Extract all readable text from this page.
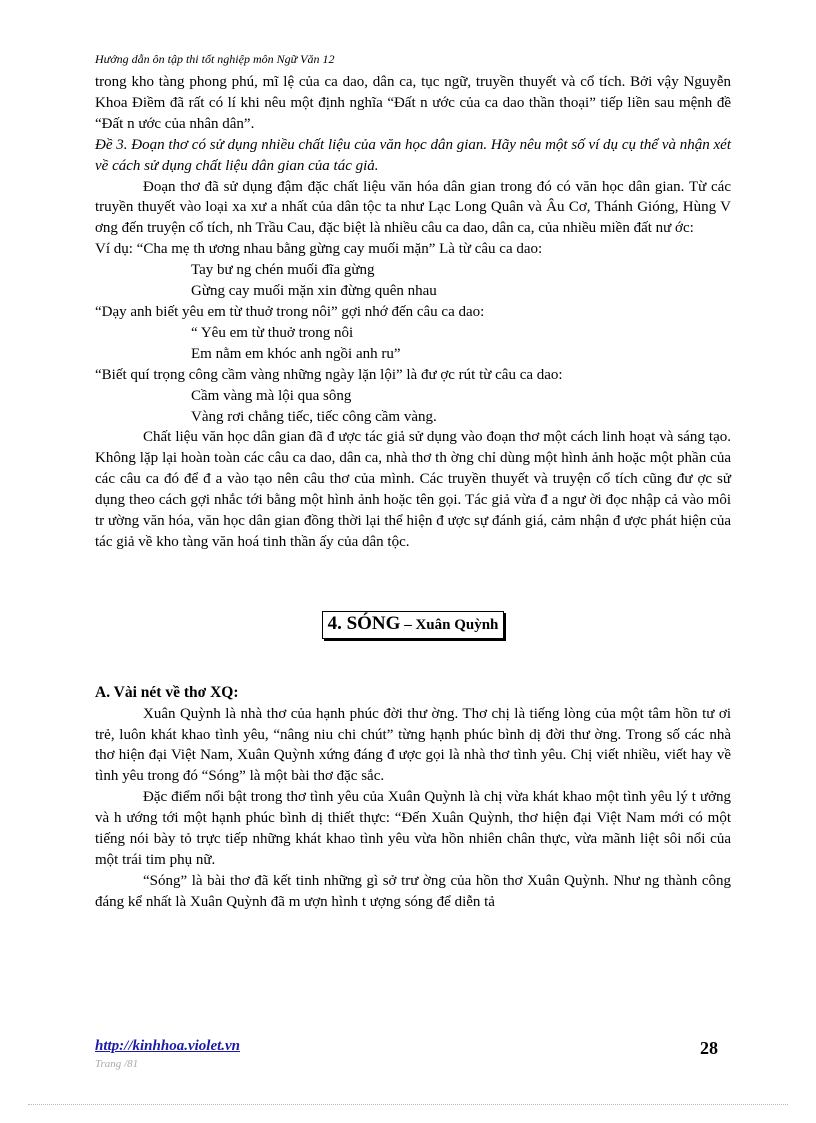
Hướng dẫn ôn tập thi tốt nghiệp môn Ngữ Văn 12

trong kho tàng phong phú, mĩ lệ của ca dao, dân ca, tục ngữ, truyền thuyết và cổ tích. Bởi vậy Nguyễn Khoa Điềm đã rất có lí khi nêu một định nghĩa “Đất n ước của ca dao thần thoại” tiếp liền sau mệnh đề “Đất n ước của nhân dân”.

Đề 3. Đoạn thơ có sử dụng nhiều chất liệu của văn học dân gian. Hãy nêu một số ví dụ cụ thể và nhận xét về cách sử dụng chất liệu dân gian của tác giả.

Đoạn thơ đã sử dụng đậm đặc chất liệu văn hóa dân gian trong đó có văn học dân gian. Từ các truyền thuyết vào loại xa xư a nhất của dân tộc ta như Lạc Long Quân và Âu Cơ, Thánh Gióng, Hùng V ơng đến truyện cổ tích, nh Trầu Cau, đặc biệt là nhiều câu ca dao, dân ca, của nhiều miền đất nư ớc:

Ví dụ: “Cha mẹ th ương nhau bằng gừng cay muối mặn” Là từ câu ca dao:

Tay bư ng chén muối đĩa gừng

Gừng cay muối mặn xin đừng quên nhau

“Dạy anh biết yêu em từ thuở trong nôi” gợi nhớ đến câu ca dao:

“ Yêu em từ thuở trong nôi

Em nằm em khóc anh ngồi anh ru”

“Biết quí trọng công cầm vàng những ngày lặn lội” là đư ợc rút từ câu ca dao:

Cầm vàng mà lội qua sông

Vàng rơi chẳng tiếc, tiếc công cầm vàng.

Chất liệu văn học dân gian đã đ ược tác giả sử dụng vào đoạn thơ một cách linh hoạt và sáng tạo. Không lặp lại hoàn toàn các câu ca dao, dân ca, nhà thơ th ờng chỉ dùng một hình ảnh hoặc một phần của các câu ca đó để đ a vào tạo nên câu thơ của mình. Các truyền thuyết và truyện cổ tích cũng đư ợc sử dụng theo cách gợi nhắc tới bằng một hình ảnh hoặc tên gọi. Tác giả vừa đ a ngư ời đọc nhập cả vào môi tr ường văn hóa, văn học dân gian đồng thời lại thể hiện đ ược sự đánh giá, cảm nhận đ ược phát hiện của tác giả về kho tàng văn hoá tinh thần ấy của dân tộc.

4. SÓNG – Xuân Quỳnh

A. Vài nét về thơ XQ:

Xuân Quỳnh là nhà thơ của hạnh phúc đời thư ờng. Thơ chị là tiếng lòng của một tâm hồn tư ơi trẻ, luôn khát khao tình yêu, “nâng niu chi chút” từng hạnh phúc bình dị đời thư ờng. Trong số các nhà thơ hiện đại Việt Nam, Xuân Quỳnh xứng đáng đ ược gọi là nhà thơ tình yêu. Chị viết nhiều, viết hay về tình yêu trong đó “Sóng” là một bài thơ đặc sắc.

Đặc điểm nổi bật trong thơ tình yêu của Xuân Quỳnh là chị vừa khát khao một tình yêu lý t ưởng và h ướng tới một hạnh phúc bình dị thiết thực: “Đến Xuân Quỳnh, thơ hiện đại Việt Nam mới có một tiếng nói bày tỏ trực tiếp những khát khao tình yêu vừa hồn nhiên chân thực, vừa mãnh liệt sôi nổi của một trái tim phụ nữ.

“Sóng” là bài thơ đã kết tinh những gì sở trư ờng của hồn thơ Xuân Quỳnh. Như ng thành công đáng kể nhất là Xuân Quỳnh đã m ượn hình t ượng sóng để diễn tả

http://kinhhoa.violet.vn
Trang /81
28
